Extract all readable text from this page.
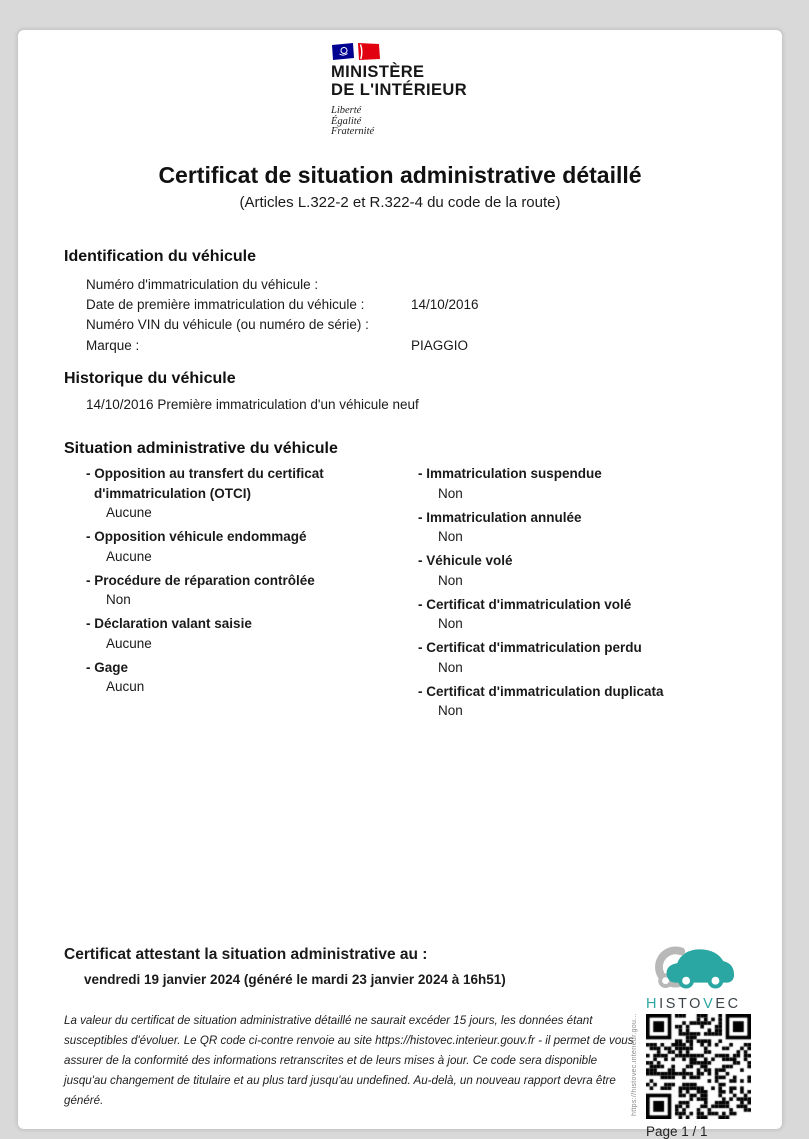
MINISTÈRE
DE L'INTÉRIEUR
Liberté
Égalité
Fraternité
Certificat de situation administrative détaillé
(Articles L.322-2 et R.322-4 du code de la route)
Identification du véhicule
Numéro d'immatriculation du véhicule :
Date de première immatriculation du véhicule :	14/10/2016
Numéro VIN du véhicule (ou numéro de série) :
Marque :	PIAGGIO
Historique du véhicule
14/10/2016 Première immatriculation d'un véhicule neuf
Situation administrative du véhicule
- Opposition au transfert du certificat d'immatriculation (OTCI)
Aucune
- Opposition véhicule endommagé
Aucune
- Procédure de réparation contrôlée
Non
- Déclaration valant saisie
Aucune
- Gage
Aucun
- Immatriculation suspendue
Non
- Immatriculation annulée
Non
- Véhicule volé
Non
- Certificat d'immatriculation volé
Non
- Certificat d'immatriculation perdu
Non
- Certificat d'immatriculation duplicata
Non
Certificat attestant la situation administrative au :
vendredi 19 janvier 2024 (généré le mardi 23 janvier 2024 à 16h51)
La valeur du certificat de situation administrative détaillé ne saurait excéder 15 jours, les données étant susceptibles d'évoluer. Le QR code ci-contre renvoie au site https://histovec.interieur.gouv.fr - il permet de vous assurer de la conformité des informations retranscrites et de leurs mises à jour. Ce code sera disponible jusqu'au changement de titulaire et au plus tard jusqu'au undefined. Au-delà, un nouveau rapport devra être généré.	https://histovec.interieur.gou...
HISTOVEC
Page 1 / 1
